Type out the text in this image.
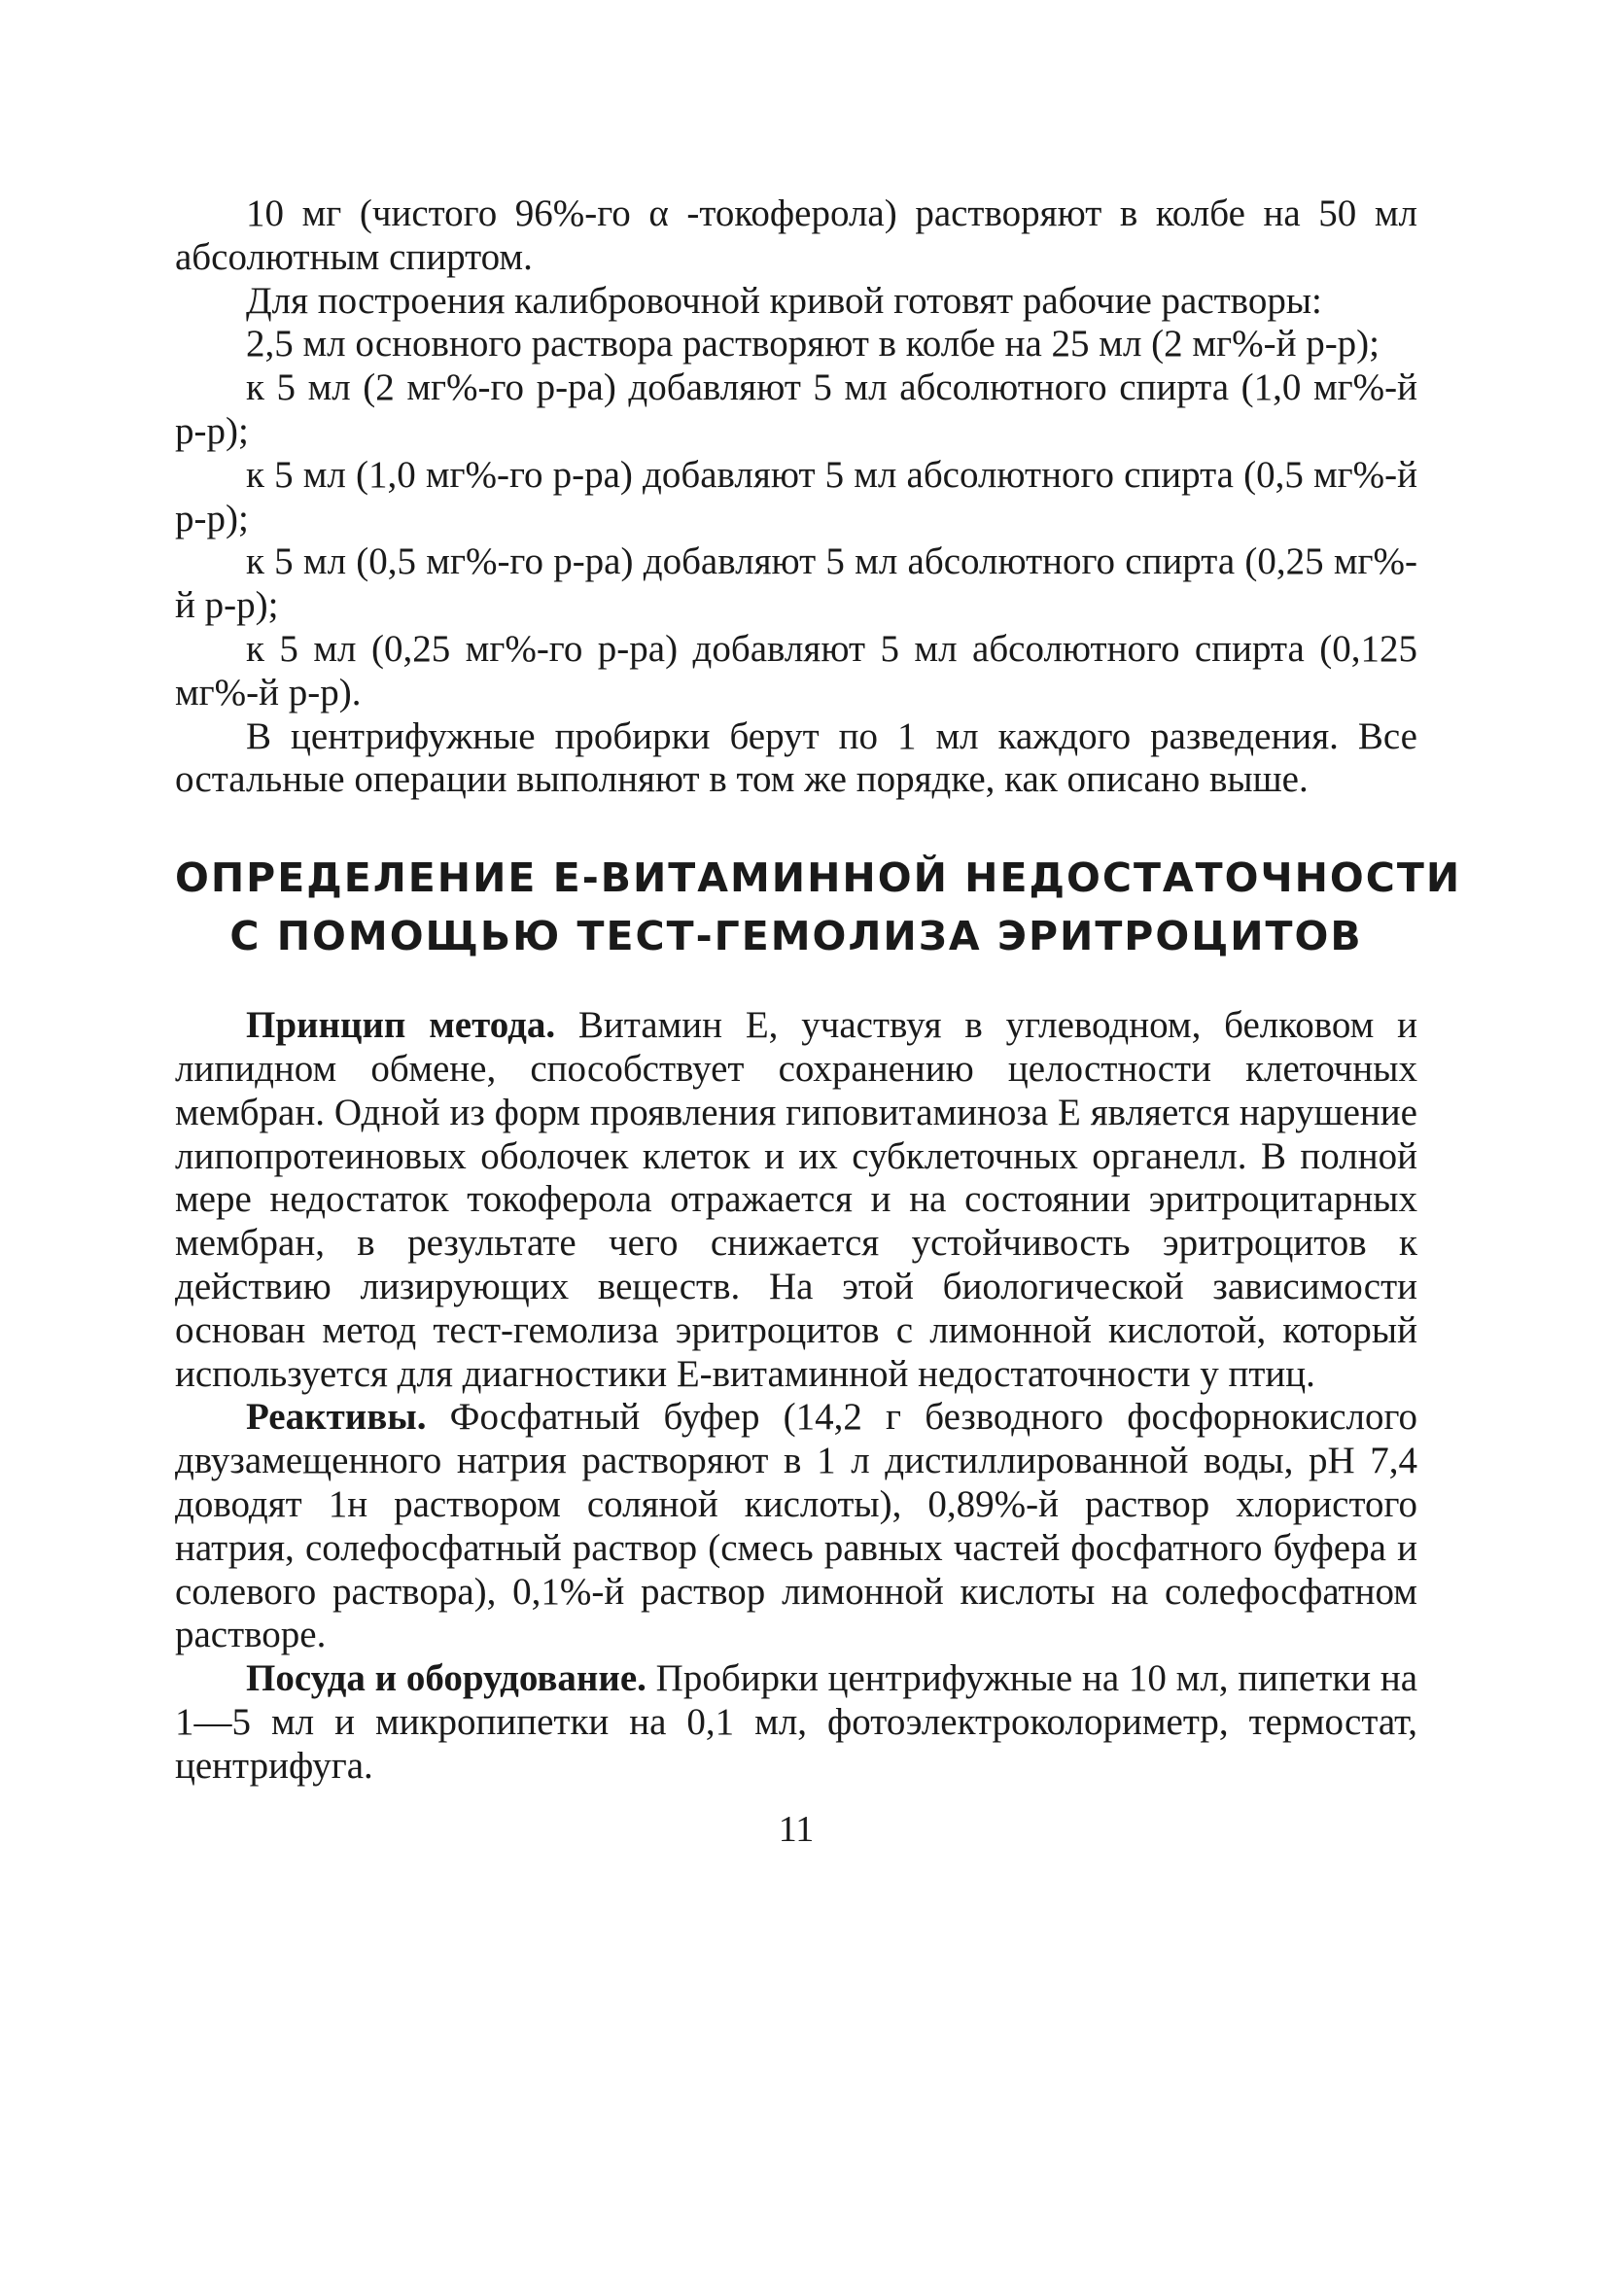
10 мг (чистого 96%-го α -токоферола) растворяют в колбе на 50 мл абсолютным спиртом.

Для построения калибровочной кривой готовят рабочие растворы:

2,5 мл основного раствора растворяют в колбе на 25 мл (2 мг%-й р-р);

к 5 мл (2 мг%-го р-ра) добавляют 5 мл абсолютного спирта (1,0 мг%-й р-р);

к 5 мл (1,0 мг%-го р-ра) добавляют 5 мл абсолютного спирта (0,5 мг%-й р-р);

к 5 мл (0,5 мг%-го р-ра) добавляют 5 мл абсолютного спирта (0,25 мг%-й р-р);

к 5 мл (0,25 мг%-го р-ра) добавляют 5 мл абсолютного спирта (0,125 мг%-й р-р).

В центрифужные пробирки берут по 1 мл каждого разведения. Все остальные операции выполняют в том же порядке, как описано выше.

ОПРЕДЕЛЕНИЕ Е-ВИТАМИННОЙ НЕДОСТАТОЧНОСТИ
С ПОМОЩЬЮ ТЕСТ-ГЕМОЛИЗА ЭРИТРОЦИТОВ

Принцип метода. Витамин Е, участвуя в углеводном, белковом и липидном обмене, способствует сохранению целостности клеточных мембран. Одной из форм проявления гиповитаминоза Е является нарушение липопротеиновых оболочек клеток и их субклеточных органелл. В полной мере недостаток токоферола отражается и на состоянии эритроцитарных мембран, в результате чего снижается устойчивость эритроцитов к действию лизирующих веществ. На этой биологической зависимости основан метод тест-гемолиза эритроцитов с лимонной кислотой, который используется для диагностики Е-витаминной недостаточности у птиц.

Реактивы. Фосфатный буфер (14,2 г безводного фосфорнокислого двузамещенного натрия растворяют в 1 л дистиллированной воды, рН 7,4 доводят 1н раствором соляной кислоты), 0,89%-й раствор хлористого натрия, солефосфатный раствор (смесь равных частей фосфатного буфера и солевого раствора), 0,1%-й раствор лимонной кислоты на солефосфатном растворе.

Посуда и оборудование. Пробирки центрифужные на 10 мл, пипетки на 1—5 мл и микропипетки на 0,1 мл, фотоэлектроколориметр, термостат, центрифуга.

11
